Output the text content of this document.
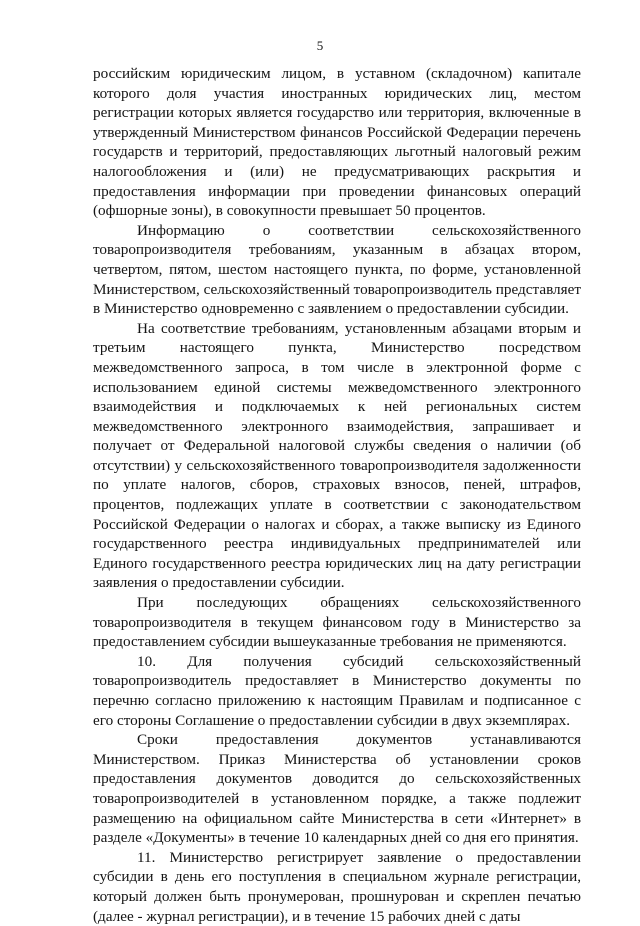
5

российским юридическим лицом, в уставном (складочном) капитале которого доля участия иностранных юридических лиц, местом регистрации которых является государство или территория, включенные в утвержденный Министерством финансов Российской Федерации перечень государств и территорий, предоставляющих льготный налоговый режим налогообложения и (или) не предусматривающих раскрытия и предоставления информации при проведении финансовых операций (офшорные зоны), в совокупности превышает 50 процентов.

Информацию о соответствии сельскохозяйственного товаропроизводителя требованиям, указанным в абзацах втором, четвертом, пятом, шестом настоящего пункта, по форме, установленной Министерством, сельскохозяйственный товаропроизводитель представляет в Министерство одновременно с заявлением о предоставлении субсидии.

На соответствие требованиям, установленным абзацами вторым и третьим настоящего пункта, Министерство посредством межведомственного запроса, в том числе в электронной форме с использованием единой системы межведомственного электронного взаимодействия и подключаемых к ней региональных систем межведомственного электронного взаимодействия, запрашивает и получает от Федеральной налоговой службы сведения о наличии (об отсутствии) у сельскохозяйственного товаропроизводителя задолженности по уплате налогов, сборов, страховых взносов, пеней, штрафов, процентов, подлежащих уплате в соответствии с законодательством Российской Федерации о налогах и сборах, а также выписку из Единого государственного реестра индивидуальных предпринимателей или Единого государственного реестра юридических лиц на дату регистрации заявления о предоставлении субсидии.

При последующих обращениях сельскохозяйственного товаропроизводителя в текущем финансовом году в Министерство за предоставлением субсидии вышеуказанные требования не применяются.

10. Для получения субсидий сельскохозяйственный товаропроизводитель предоставляет в Министерство документы по перечню согласно приложению к настоящим Правилам и подписанное с его стороны Соглашение о предоставлении субсидии в двух экземплярах.

Сроки предоставления документов устанавливаются Министерством. Приказ Министерства об установлении сроков предоставления документов доводится до сельскохозяйственных товаропроизводителей в установленном порядке, а также подлежит размещению на официальном сайте Министерства в сети «Интернет» в разделе «Документы» в течение 10 календарных дней со дня его принятия.

11. Министерство регистрирует заявление о предоставлении субсидии в день его поступления в специальном журнале регистрации, который должен быть пронумерован, прошнурован и скреплен печатью (далее - журнал регистрации), и в течение 15 рабочих дней с даты
